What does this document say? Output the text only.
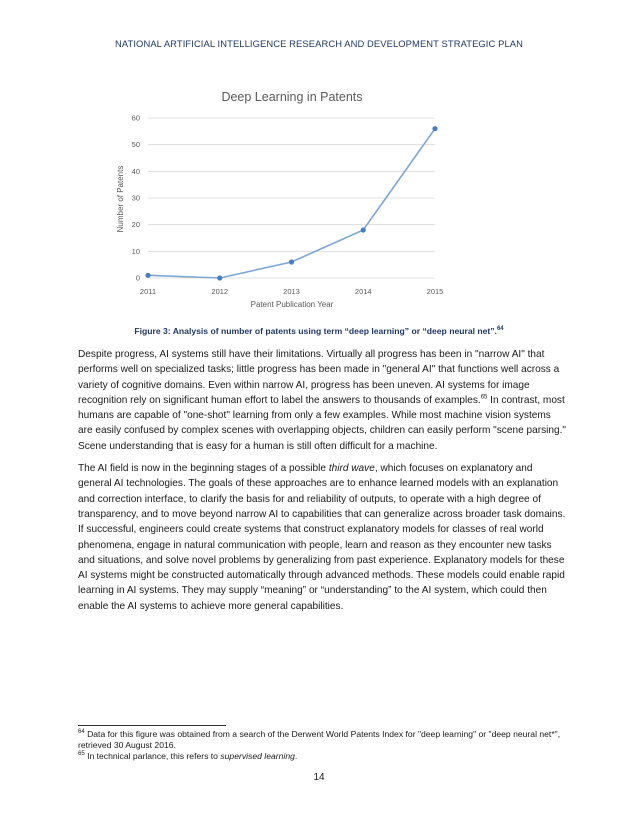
NATIONAL ARTIFICIAL INTELLIGENCE RESEARCH AND DEVELOPMENT STRATEGIC PLAN
Deep Learning in Patents
0
10
20
30
40
50
60
2011	2012	2013	2014	2015
Number of Patents
Patent Publication Year
Figure 3: Analysis of number of patents using term “deep learning” or “deep neural net”.$^{64}$

Despite progress, AI systems still have their limitations. Virtually all progress has been in "narrow AI" that performs well on specialized tasks; little progress has been made in "general AI" that functions well across a variety of cognitive domains. Even within narrow AI, progress has been uneven. AI systems for image recognition rely on significant human effort to label the answers to thousands of examples.$^{65}$ In contrast, most humans are capable of "one-shot" learning from only a few examples. While most machine vision systems are easily confused by complex scenes with overlapping objects, children can easily perform "scene parsing." Scene understanding that is easy for a human is still often difficult for a machine.

The AI field is now in the beginning stages of a possible third wave, which focuses on explanatory and general AI technologies. The goals of these approaches are to enhance learned models with an explanation and correction interface, to clarify the basis for and reliability of outputs, to operate with a high degree of transparency, and to move beyond narrow AI to capabilities that can generalize across broader task domains. If successful, engineers could create systems that construct explanatory models for classes of real world phenomena, engage in natural communication with people, learn and reason as they encounter new tasks and situations, and solve novel problems by generalizing from past experience. Explanatory models for these AI systems might be constructed automatically through advanced methods. These models could enable rapid learning in AI systems. They may supply “meaning” or “understanding” to the AI system, which could then enable the AI systems to achieve more general capabilities.

$^{64}$ Data for this figure was obtained from a search of the Derwent World Patents Index for "deep learning" or "deep neural net*", retrieved 30 August 2016.

$^{65}$ In technical parlance, this refers to supervised learning.

14
